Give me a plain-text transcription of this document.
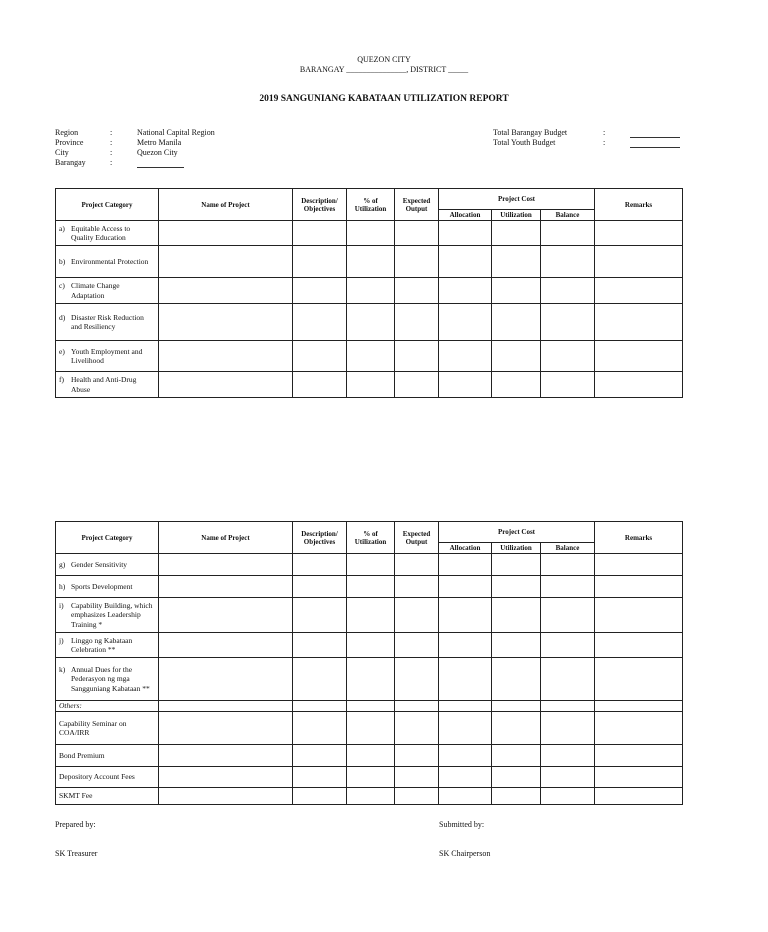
QUEZON CITY
BARANGAY _______________, DISTRICT _____
2019 SANGUNIANG KABATAAN UTILIZATION REPORT
Region	:	National Capital Region
Province	:	Metro Manila
City	:	Quezon City
Barangay	:
Total Barangay Budget	:
Total Youth Budget	:
Project Category	Name of Project	Description/ Objectives	% of Utilization	Expected Output	Project Cost			Remarks
					Allocation	Utilization	Balance	
a) Equitable Access to Quality Education								
b) Environmental Protection								
c) Climate Change Adaptation								
d) Disaster Risk Reduction and Resiliency								
e) Youth Employment and Livelihood								
f) Health and Anti-Drug Abuse								
Project Category	Name of Project	Description/ Objectives	% of Utilization	Expected Output	Project Cost			Remarks
					Allocation	Utilization	Balance	
g) Gender Sensitivity								
h) Sports Development								
i) Capability Building, which emphasizes Leadership Training *								
j) Linggo ng Kabataan Celebration **								
k) Annual Dues for the Pederasyon ng mga Sangguniang Kabataan **								
Others:								
Capability Seminar on COA/IRR								
Bond Premium								
Depository Account Fees								
SKMT Fee								
Prepared by:	Submitted by:
SK Treasurer	SK Chairperson
